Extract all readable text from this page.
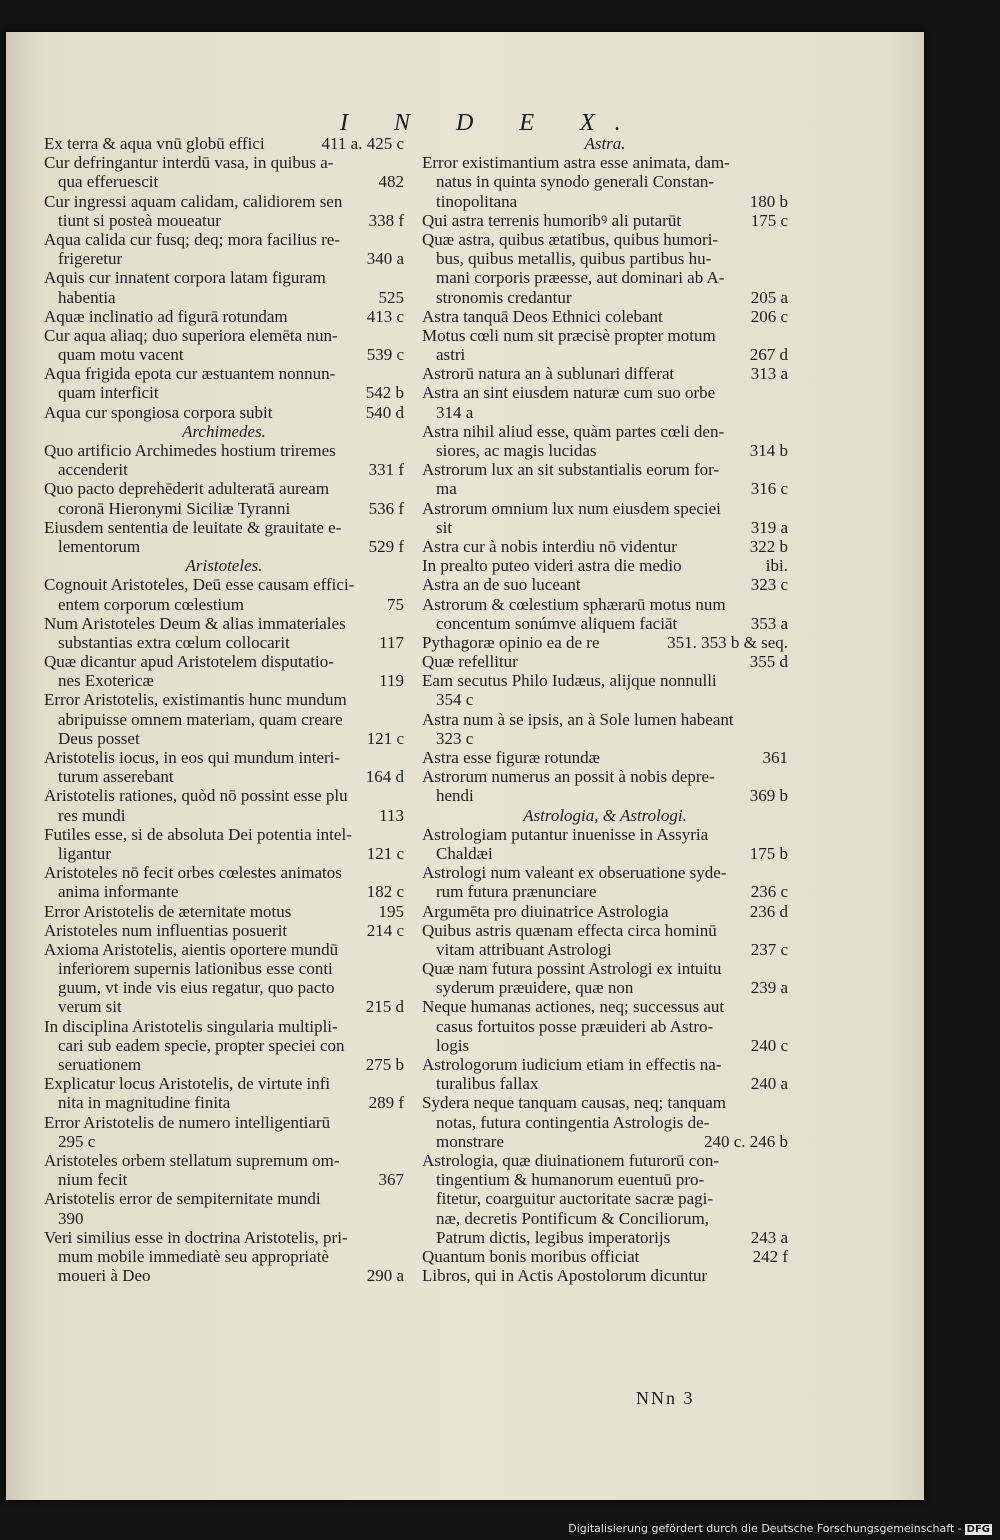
I N D E X.
Ex terra & aqua vnū globū effici	411 a. 425 c
Cur defringantur interdū vasa, in quibus a-
qua efferuescit	482
Cur ingressi aquam calidam, calidiorem sen
tiunt si posteà moueatur	338 f
Aqua calida cur fusq; deq; mora facilius re-
frigeretur	340 a
Aquis cur innatent corpora latam figuram
habentia	525
Aquæ inclinatio ad figurā rotundam	413 c
Cur aqua aliaq; duo superiora elemēta nun-
quam motu vacent	539 c
Aqua frigida epota cur æstuantem nonnun-
quam interficit	542 b
Aqua cur spongiosa corpora subit	540 d
Archimedes.
Quo artificio Archimedes hostium triremes
accenderit	331 f
Quo pacto deprehēderit adulteratā auream
coronā Hieronymi Siciliæ Tyranni	536 f
Eiusdem sententia de leuitate & grauitate e-
lementorum	529 f
Aristoteles.
Cognouit Aristoteles, Deū esse causam effici-
entem corporum cœlestium	75
Num Aristoteles Deum & alias immateriales
substantias extra cœlum collocarit	117
Quæ dicantur apud Aristotelem disputatio-
nes Exotericæ	119
Error Aristotelis, existimantis hunc mundum
abripuisse omnem materiam, quam creare
Deus posset	121 c
Aristotelis iocus, in eos qui mundum interi-
turum asserebant	164 d
Aristotelis rationes, quòd nō possint esse plu
res mundi	113
Futiles esse, si de absoluta Dei potentia intel-
ligantur	121 c
Aristoteles nō fecit orbes cœlestes animatos
anima informante	182 c
Error Aristotelis de æternitate motus	195
Aristoteles num influentias posuerit	214 c
Axioma Aristotelis, aientis oportere mundū
inferiorem supernis lationibus esse conti
guum, vt inde vis eius regatur, quo pacto
verum sit	215 d
In disciplina Aristotelis singularia multipli-
cari sub eadem specie, propter speciei con
seruationem	275 b
Explicatur locus Aristotelis, de virtute infi
nita in magnitudine finita	289 f
Error Aristotelis de numero intelligentiarū
295 c
Aristoteles orbem stellatum supremum om-
nium fecit	367
Aristotelis error de sempiternitate mundi
390
Veri similius esse in doctrina Aristotelis, pri-
mum mobile immediatè seu appropriatè
moueri à Deo	290 a
Astra.
Error existimantium astra esse animata, dam-
natus in quinta synodo generali Constan-
tinopolitana	180 b
Qui astra terrenis humoribꝰ ali putarūt	175 c
Quæ astra, quibus ætatibus, quibus humori-
bus, quibus metallis, quibus partibus hu-
mani corporis præesse, aut dominari ab A-
stronomis credantur	205 a
Astra tanquā Deos Ethnici colebant	206 c
Motus cœli num sit præcisè propter motum
astri	267 d
Astrorū natura an à sublunari differat	313 a
Astra an sint eiusdem naturæ cum suo orbe
314 a
Astra nihil aliud esse, quàm partes cœli den-
siores, ac magis lucidas	314 b
Astrorum lux an sit substantialis eorum for-
ma	316 c
Astrorum omnium lux num eiusdem speciei
sit	319 a
Astra cur à nobis interdiu nō videntur	322 b
In prealto puteo videri astra die medio	ibi.
Astra an de suo luceant	323 c
Astrorum & cœlestium sphærarū motus num
concentum sonúmve aliquem faciāt	353 a
Pythagoræ opinio ea de re	351. 353 b & seq.
Quæ refellitur	355 d
Eam secutus Philo Iudæus, alijque nonnulli
354 c
Astra num à se ipsis, an à Sole lumen habeant
323 c
Astra esse figuræ rotundæ	361
Astrorum numerus an possit à nobis depre-
hendi	369 b
Astrologia, & Astrologi.
Astrologiam putantur inuenisse in Assyria
Chaldæi	175 b
Astrologi num valeant ex obseruatione syde-
rum futura prænunciare	236 c
Argumēta pro diuinatrice Astrologia	236 d
Quibus astris quænam effecta circa hominū
vitam attribuant Astrologi	237 c
Quæ nam futura possint Astrologi ex intuitu
syderum præuidere, quæ non	239 a
Neque humanas actiones, neq; successus aut
casus fortuitos posse præuideri ab Astro-
logis	240 c
Astrologorum iudicium etiam in effectis na-
turalibus fallax	240 a
Sydera neque tanquam causas, neq; tanquam
notas, futura contingentia Astrologis de-
monstrare	240 c. 246 b
Astrologia, quæ diuinationem futurorū con-
tingentium & humanorum euentuū pro-
fitetur, coarguitur auctoritate sacræ pagi-
næ, decretis Pontificum & Conciliorum,
Patrum dictis, legibus imperatorijs	243 a
Quantum bonis moribus officiat	242 f
Libros, qui in Actis Apostolorum dicuntur
NNn 3
Digitalisierung gefördert durch die Deutsche Forschungsgemeinschaft - DFG
